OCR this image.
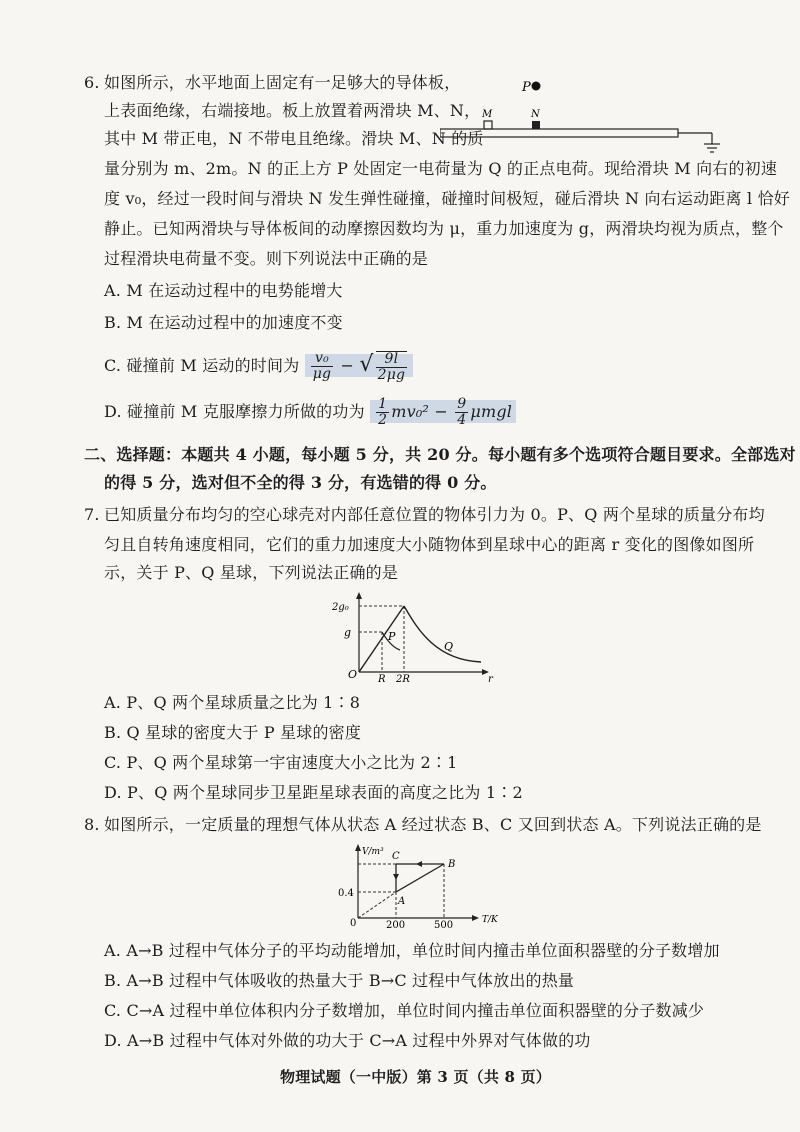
6. 如图所示，水平地面上固定有一足够大的导体板，
上表面绝缘，右端接地。板上放置着两滑块 M、N，
其中 M 带正电，N 不带电且绝缘。滑块 M、N 的质
量分别为 m、2m。N 的正上方 P 处固定一电荷量为 Q 的正点电荷。现给滑块 M 向右的初速
度 v₀，经过一段时间与滑块 N 发生弹性碰撞，碰撞时间极短，碰后滑块 N 向右运动距离 l 恰好
静止。已知两滑块与导体板间的动摩擦因数均为 μ，重力加速度为 g，两滑块均视为质点，整个
过程滑块电荷量不变。则下列说法中正确的是
P
M	N
A. M 在运动过程中的电势能增大
B. M 在运动过程中的加速度不变
C. 碰撞前 M 运动的时间为 $\frac{\text{v₀}}{\mu g}$ − √ $\frac{9l}{2\mu g}$
D. 碰撞前 M 克服摩擦力所做的功为 $\frac{1}{2} mv_0^2 - \frac{9}{4}$ μmgl
二、选择题：本题共 4 小题，每小题 5 分，共 20 分。每小题有多个选项符合题目要求。全部选对
的得 5 分，选对但不全的得 3 分，有选错的得 0 分。
7. 已知质量分布均匀的空心球壳对内部任意位置的物体引力为 0。P、Q 两个星球的质量分布均
匀且自转角速度相同，它们的重力加速度大小随物体到星球中心的距离 r 变化的图像如图所
示，关于 P、Q 星球，下列说法正确的是
2g₀
g
O R 2R	r
P
Q
A. P、Q 两个星球质量之比为 1∶8
B. Q 星球的密度大于 P 星球的密度
C. P、Q 两个星球第一宇宙速度大小之比为 2∶1
D. P、Q 两个星球同步卫星距星球表面的高度之比为 1∶2
8. 如图所示，一定质量的理想气体从状态 A 经过状态 B、C 又回到状态 A。下列说法正确的是
V/m³
T/K
0.4
200	500
0
A
B
C
A. A→B 过程中气体分子的平均动能增加，单位时间内撞击单位面积器壁的分子数增加
B. A→B 过程中气体吸收的热量大于 B→C 过程中气体放出的热量
C. C→A 过程中单位体积内分子数增加，单位时间内撞击单位面积器壁的分子数减少
D. A→B 过程中气体对外做的功大于 C→A 过程中外界对气体做的功
物理试题（一中版）第 3 页（共 8 页）
